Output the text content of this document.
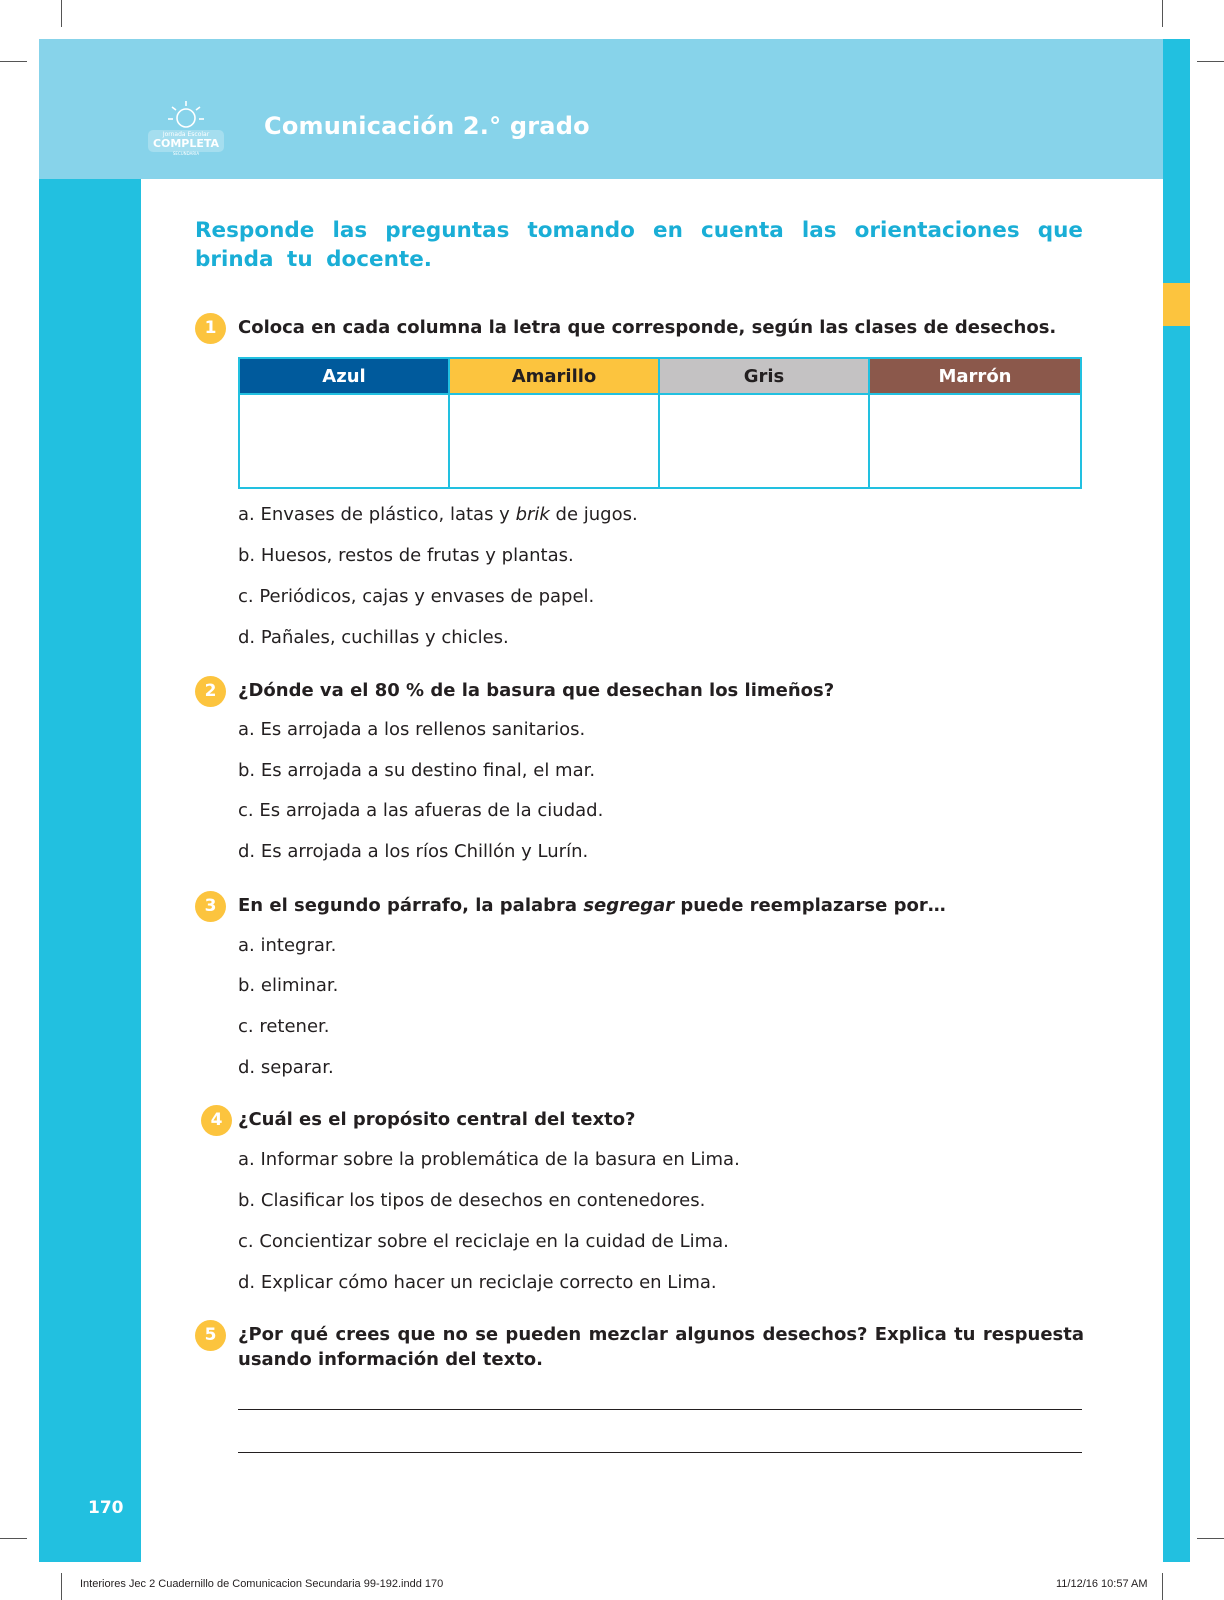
Jornada Escolar
COMPLETA
SECUNDARIA
Comunicación 2.° grado
Responde las preguntas tomando en cuenta las orientaciones que brinda tu docente.
1	Coloca en cada columna la letra que corresponde, según las clases de desechos.
Azul	Amarillo	Gris	Marrón
a. Envases de plástico, latas y brik de jugos.
b. Huesos, restos de frutas y plantas.
c. Periódicos, cajas y envases de papel.
d. Pañales, cuchillas y chicles.
2	¿Dónde va el 80 % de la basura que desechan los limeños?
a. Es arrojada a los rellenos sanitarios.
b. Es arrojada a su destino final, el mar.
c. Es arrojada a las afueras de la ciudad.
d. Es arrojada a los ríos Chillón y Lurín.
3	En el segundo párrafo, la palabra segregar puede reemplazarse por…
a. integrar.
b. eliminar.
c. retener.
d. separar.
4 ¿Cuál es el propósito central del texto?
a. Informar sobre la problemática de la basura en Lima.
b. Clasificar los tipos de desechos en contenedores.
c. Concientizar sobre el reciclaje en la cuidad de Lima.
d. Explicar cómo hacer un reciclaje correcto en Lima.
5	¿Por qué crees que no se pueden mezclar algunos desechos? Explica tu respuesta usando información del texto.
170
Interiores Jec 2 Cuadernillo de Comunicacion Secundaria 99-192.indd 170	11/12/16 10:57 AM
